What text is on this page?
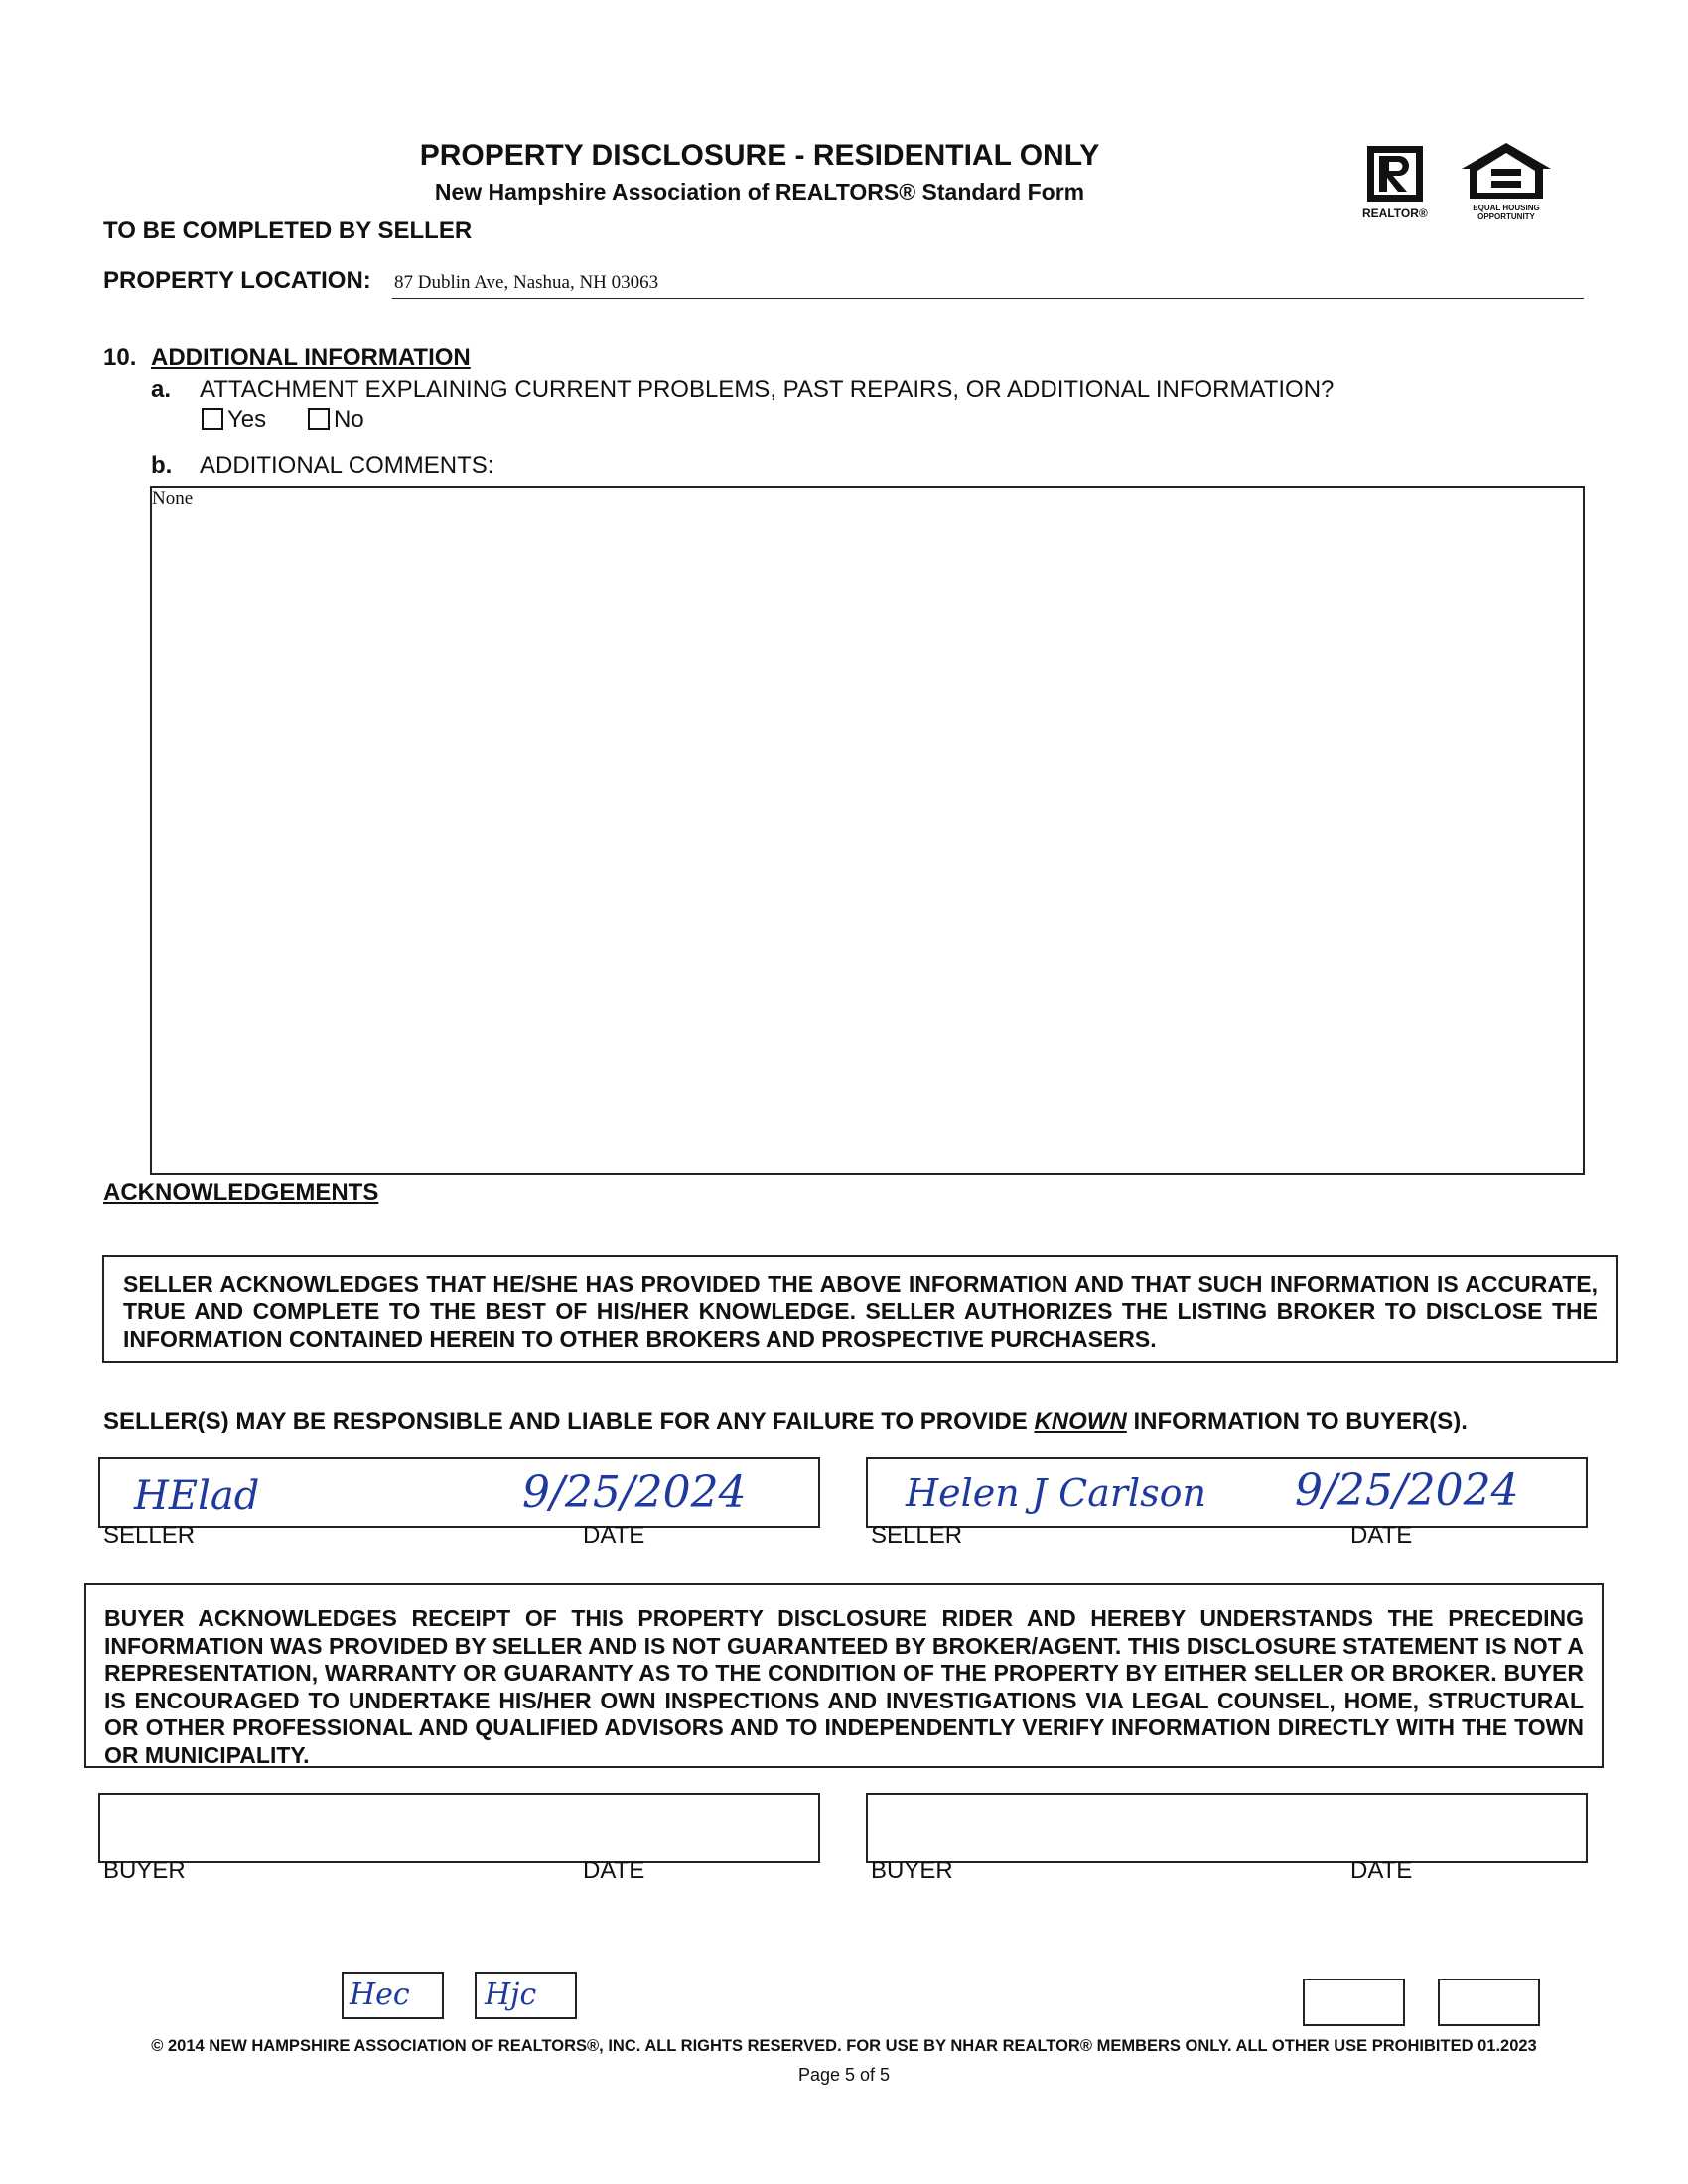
PROPERTY DISCLOSURE - RESIDENTIAL ONLY
New Hampshire Association of REALTORS® Standard Form
TO BE COMPLETED BY SELLER
REALTOR®	EQUAL HOUSING OPPORTUNITY
PROPERTY LOCATION: 87 Dublin Ave, Nashua, NH 03063
10. ADDITIONAL INFORMATION
a. ATTACHMENT EXPLAINING CURRENT PROBLEMS, PAST REPAIRS, OR ADDITIONAL INFORMATION?
Yes	No
b. ADDITIONAL COMMENTS:
None
ACKNOWLEDGEMENTS
SELLER ACKNOWLEDGES THAT HE/SHE HAS PROVIDED THE ABOVE INFORMATION AND THAT SUCH INFORMATION IS ACCURATE, TRUE AND COMPLETE TO THE BEST OF HIS/HER KNOWLEDGE. SELLER AUTHORIZES THE LISTING BROKER TO DISCLOSE THE INFORMATION CONTAINED HEREIN TO OTHER BROKERS AND PROSPECTIVE PURCHASERS.
SELLER(S) MAY BE RESPONSIBLE AND LIABLE FOR ANY FAILURE TO PROVIDE KNOWN INFORMATION TO BUYER(S).
HElad	9/25/2024
SELLER	DATE
Helen J Carlson 9/25/2024
SELLER	DATE
BUYER ACKNOWLEDGES RECEIPT OF THIS PROPERTY DISCLOSURE RIDER AND HEREBY UNDERSTANDS THE PRECEDING INFORMATION WAS PROVIDED BY SELLER AND IS NOT GUARANTEED BY BROKER/AGENT. THIS DISCLOSURE STATEMENT IS NOT A REPRESENTATION, WARRANTY OR GUARANTY AS TO THE CONDITION OF THE PROPERTY BY EITHER SELLER OR BROKER. BUYER IS ENCOURAGED TO UNDERTAKE HIS/HER OWN INSPECTIONS AND INVESTIGATIONS VIA LEGAL COUNSEL, HOME, STRUCTURAL OR OTHER PROFESSIONAL AND QUALIFIED ADVISORS AND TO INDEPENDENTLY VERIFY INFORMATION DIRECTLY WITH THE TOWN OR MUNICIPALITY.
BUYER	DATE	BUYER	DATE
Hec	Hjc
© 2014 NEW HAMPSHIRE ASSOCIATION OF REALTORS®, INC. ALL RIGHTS RESERVED. FOR USE BY NHAR REALTOR® MEMBERS ONLY. ALL OTHER USE PROHIBITED 01.2023
Page 5 of 5
